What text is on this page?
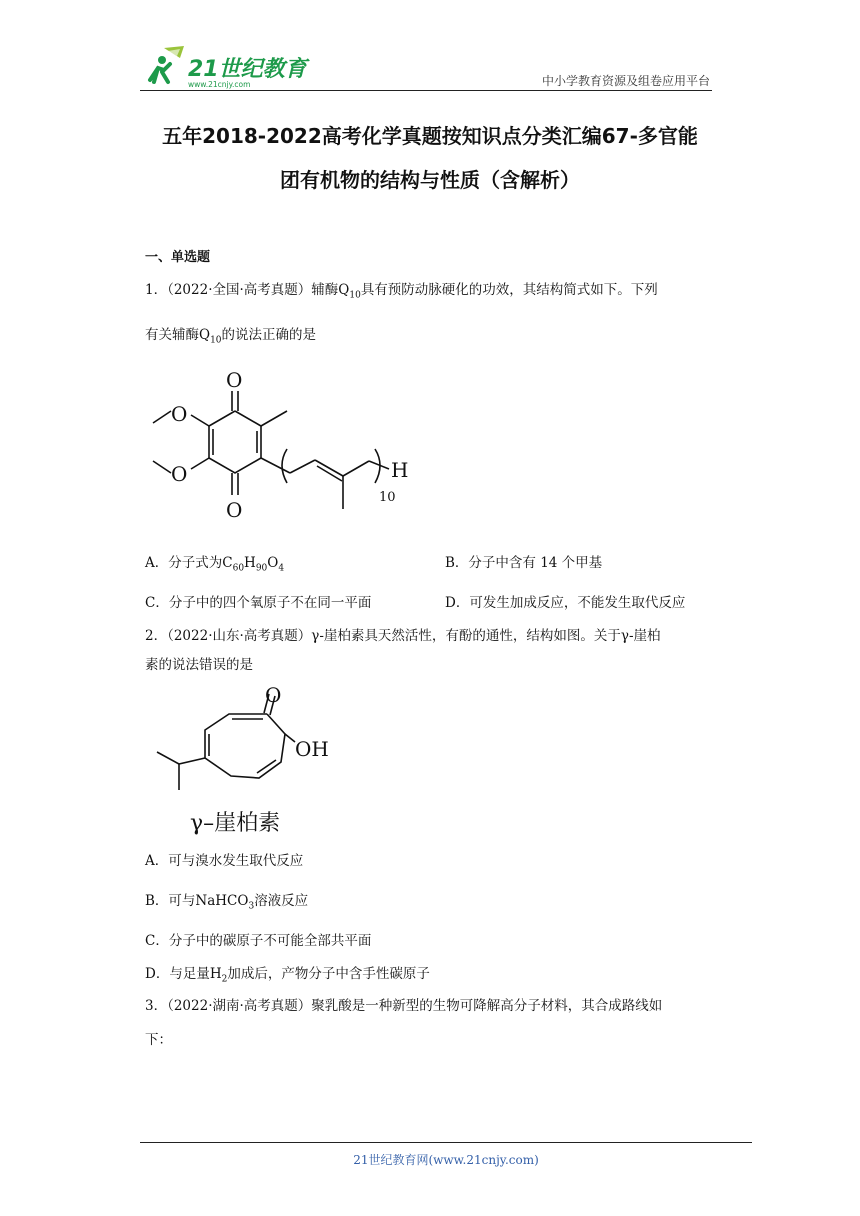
21世纪教育
www.21cnjy.com	中小学教育资源及组卷应用平台
五年2018-2022高考化学真题按知识点分类汇编67-多官能
团有机物的结构与性质（含解析）
一、单选题
1．（2022·全国·高考真题）辅酶$Q_{10}$具有预防动脉硬化的功效，其结构简式如下。下列
有关辅酶$Q_{10}$的说法正确的是
O
O
O
O	H
10
A．分子式为$C_{60}H_{90}O_4$	B．分子中含有 14 个甲基
C．分子中的四个氧原子不在同一平面	D．可发生加成反应，不能发生取代反应
2．（2022·山东·高考真题）γ-崖柏素具天然活性，有酚的通性，结构如图。关于γ-崖柏
素的说法错误的是
O
OH
γ–崖柏素
A．可与溴水发生取代反应
B．可与NaHCO$_3$溶液反应
C．分子中的碳原子不可能全部共平面
D．与足量$H_2$加成后，产物分子中含手性碳原子
3．（2022·湖南·高考真题）聚乳酸是一种新型的生物可降解高分子材料，其合成路线如
下：
21世纪教育网(www.21cnjy.com)
